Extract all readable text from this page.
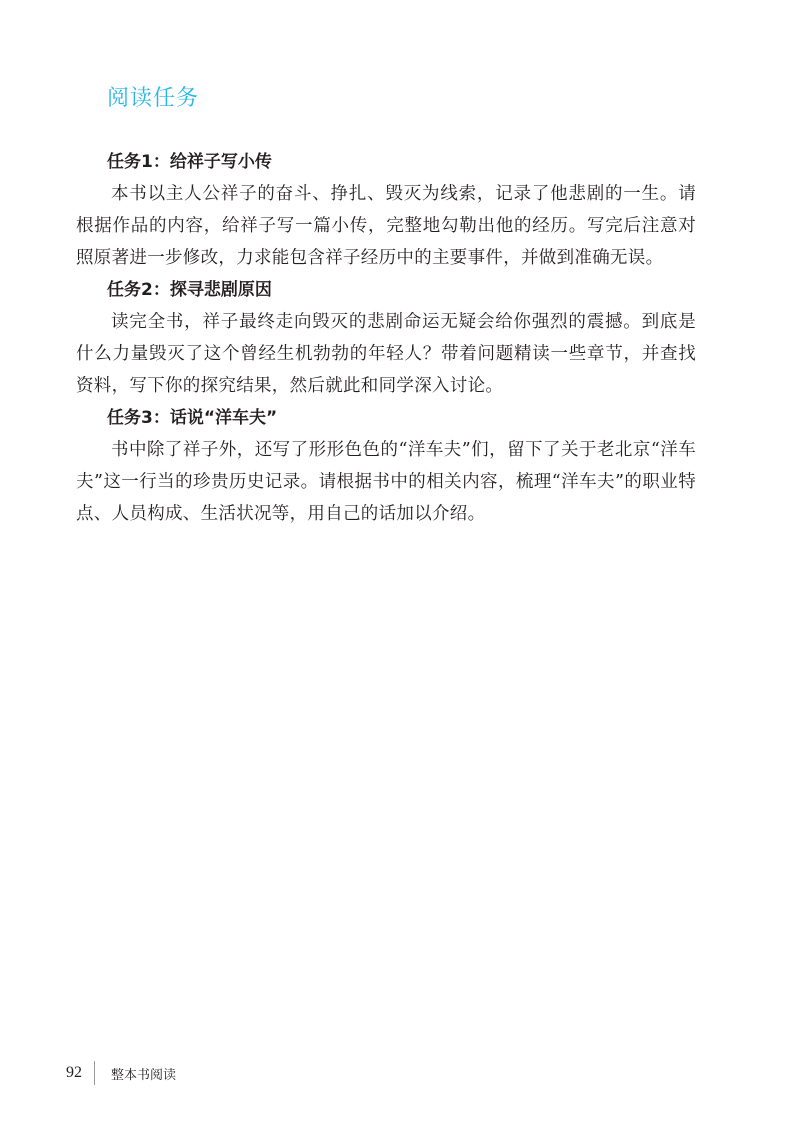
阅读任务
任务1：给祥子写小传

本书以主人公祥子的奋斗、挣扎、毁灭为线索，记录了他悲剧的一生。请根据作品的内容，给祥子写一篇小传，完整地勾勒出他的经历。写完后注意对照原著进一步修改，力求能包含祥子经历中的主要事件，并做到准确无误。

任务2：探寻悲剧原因

读完全书，祥子最终走向毁灭的悲剧命运无疑会给你强烈的震撼。到底是什么力量毁灭了这个曾经生机勃勃的年轻人？带着问题精读一些章节，并查找资料，写下你的探究结果，然后就此和同学深入讨论。

任务3：话说“洋车夫”

书中除了祥子外，还写了形形色色的“洋车夫”们，留下了关于老北京“洋车夫”这一行当的珍贵历史记录。请根据书中的相关内容，梳理“洋车夫”的职业特点、人员构成、生活状况等，用自己的话加以介绍。

92 整本书阅读
